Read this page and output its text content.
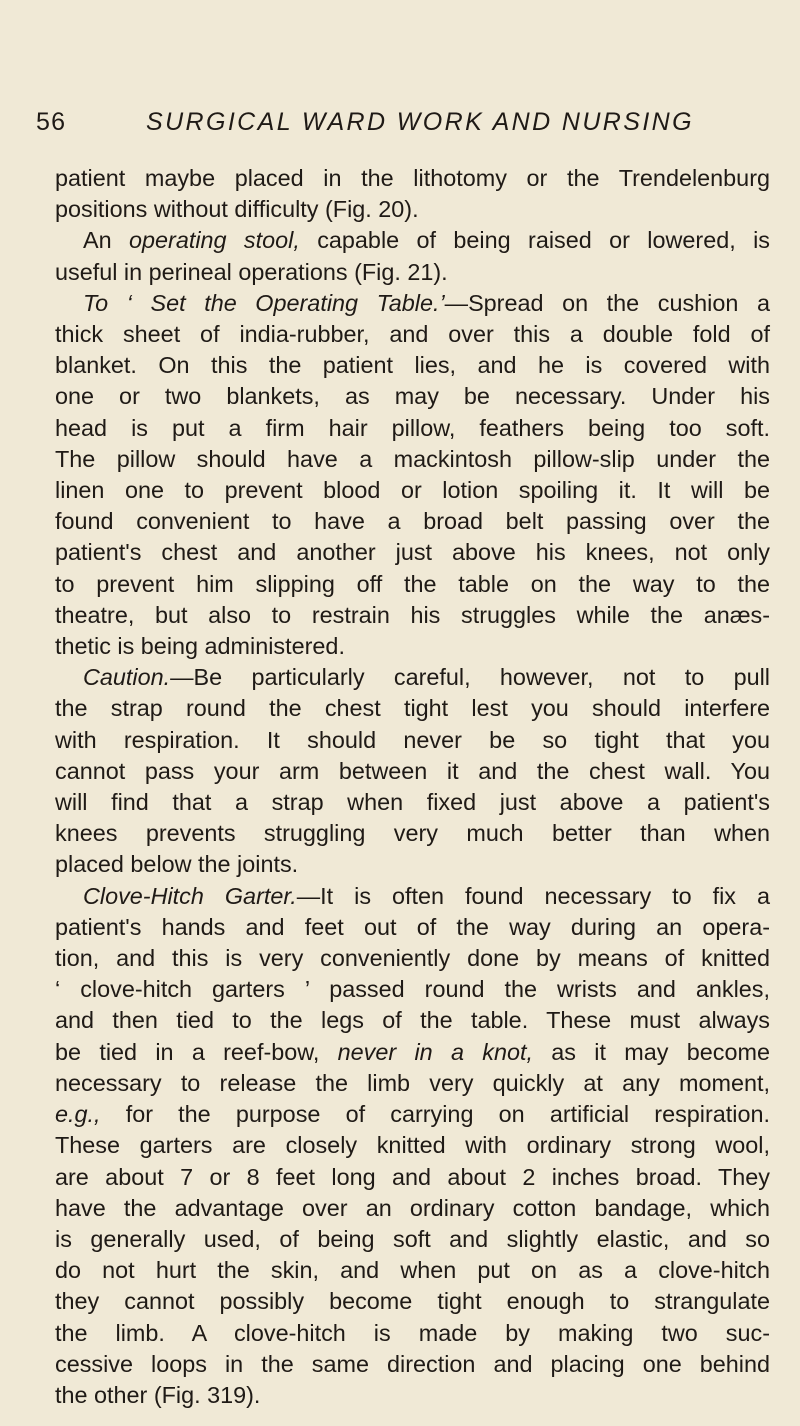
56	SURGICAL WARD WORK AND NURSING
patient maybe placed in the lithotomy or the Trendelenburg
positions without difficulty (Fig. 20).
An operating stool, capable of being raised or lowered, is
useful in perineal operations (Fig. 21).
To ‘ Set the Operating Table.’—Spread on the cushion a
thick sheet of india-rubber, and over this a double fold of
blanket. On this the patient lies, and he is covered with
one or two blankets, as may be necessary. Under his
head is put a firm hair pillow, feathers being too soft.
The pillow should have a mackintosh pillow-slip under the
linen one to prevent blood or lotion spoiling it. It will be
found convenient to have a broad belt passing over the
patient's chest and another just above his knees, not only
to prevent him slipping off the table on the way to the
theatre, but also to restrain his struggles while the anæs-
thetic is being administered.
Caution.—Be particularly careful, however, not to pull
the strap round the chest tight lest you should interfere
with respiration. It should never be so tight that you
cannot pass your arm between it and the chest wall. You
will find that a strap when fixed just above a patient's
knees prevents struggling very much better than when
placed below the joints.
Clove-Hitch Garter.—It is often found necessary to fix a
patient's hands and feet out of the way during an opera-
tion, and this is very conveniently done by means of knitted
‘ clove-hitch garters ’ passed round the wrists and ankles,
and then tied to the legs of the table. These must always
be tied in a reef-bow, never in a knot, as it may become
necessary to release the limb very quickly at any moment,
e.g., for the purpose of carrying on artificial respiration.
These garters are closely knitted with ordinary strong wool,
are about 7 or 8 feet long and about 2 inches broad. They
have the advantage over an ordinary cotton bandage, which
is generally used, of being soft and slightly elastic, and so
do not hurt the skin, and when put on as a clove-hitch
they cannot possibly become tight enough to strangulate
the limb. A clove-hitch is made by making two suc-
cessive loops in the same direction and placing one behind
the other (Fig. 319).
